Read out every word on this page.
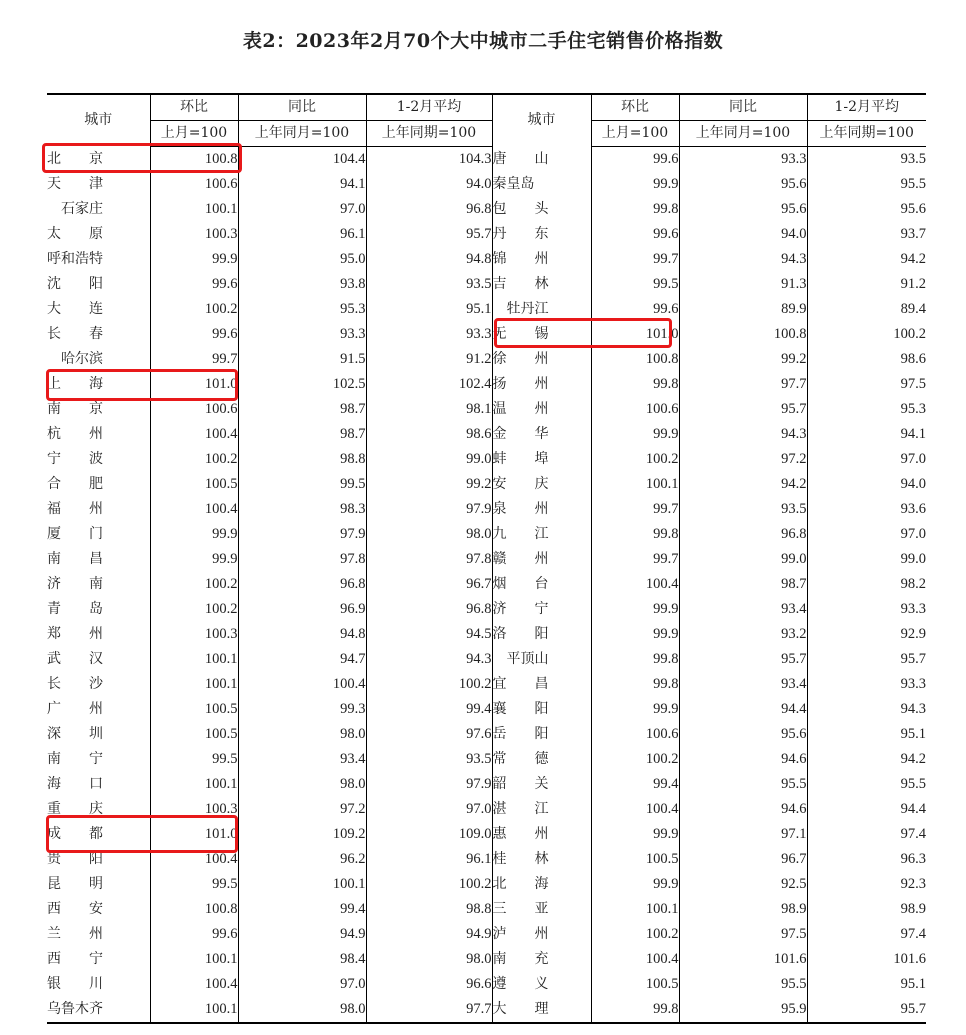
表2：2023年2月70个大中城市二手住宅销售价格指数
城市	环比	同比	1-2月平均	城市	环比	同比	1-2月平均
	上月=100	上年同月=100	上年同期=100		上月=100	上年同月=100	上年同期=100
北　　京	100.8	104.4	104.3	唐　　山	99.6	93.3	93.5
天　　津	100.6	94.1	94.0	秦皇岛	99.9	95.6	95.5
　石家庄	100.1	97.0	96.8	包　　头	99.8	95.6	95.6
太　　原	100.3	96.1	95.7	丹　　东	99.6	94.0	93.7
呼和浩特	99.9	95.0	94.8	锦　　州	99.7	94.3	94.2
沈　　阳	99.6	93.8	93.5	吉　　林	99.5	91.3	91.2
大　　连	100.2	95.3	95.1	　牡丹江	99.6	89.9	89.4
长　　春	99.6	93.3	93.3	无　　锡	101.0	100.8	100.2
　哈尔滨	99.7	91.5	91.2	徐　　州	100.8	99.2	98.6
上　　海	101.0	102.5	102.4	扬　　州	99.8	97.7	97.5
南　　京	100.6	98.7	98.1	温　　州	100.6	95.7	95.3
杭　　州	100.4	98.7	98.6	金　　华	99.9	94.3	94.1
宁　　波	100.2	98.8	99.0	蚌　　埠	100.2	97.2	97.0
合　　肥	100.5	99.5	99.2	安　　庆	100.1	94.2	94.0
福　　州	100.4	98.3	97.9	泉　　州	99.7	93.5	93.6
厦　　门	99.9	97.9	98.0	九　　江	99.8	96.8	97.0
南　　昌	99.9	97.8	97.8	赣　　州	99.7	99.0	99.0
济　　南	100.2	96.8	96.7	烟　　台	100.4	98.7	98.2
青　　岛	100.2	96.9	96.8	济　　宁	99.9	93.4	93.3
郑　　州	100.3	94.8	94.5	洛　　阳	99.9	93.2	92.9
武　　汉	100.1	94.7	94.3	　平顶山	99.8	95.7	95.7
长　　沙	100.1	100.4	100.2	宜　　昌	99.8	93.4	93.3
广　　州	100.5	99.3	99.4	襄　　阳	99.9	94.4	94.3
深　　圳	100.5	98.0	97.6	岳　　阳	100.6	95.6	95.1
南　　宁	99.5	93.4	93.5	常　　德	100.2	94.6	94.2
海　　口	100.1	98.0	97.9	韶　　关	99.4	95.5	95.5
重　　庆	100.3	97.2	97.0	湛　　江	100.4	94.6	94.4
成　　都	101.0	109.2	109.0	惠　　州	99.9	97.1	97.4
贵　　阳	100.4	96.2	96.1	桂　　林	100.5	96.7	96.3
昆　　明	99.5	100.1	100.2	北　　海	99.9	92.5	92.3
西　　安	100.8	99.4	98.8	三　　亚	100.1	98.9	98.9
兰　　州	99.6	94.9	94.9	泸　　州	100.2	97.5	97.4
西　　宁	100.1	98.4	98.0	南　　充	100.4	101.6	101.6
银　　川	100.4	97.0	96.6	遵　　义	100.5	95.5	95.1
乌鲁木齐	100.1	98.0	97.7	大　　理	99.8	95.9	95.7
